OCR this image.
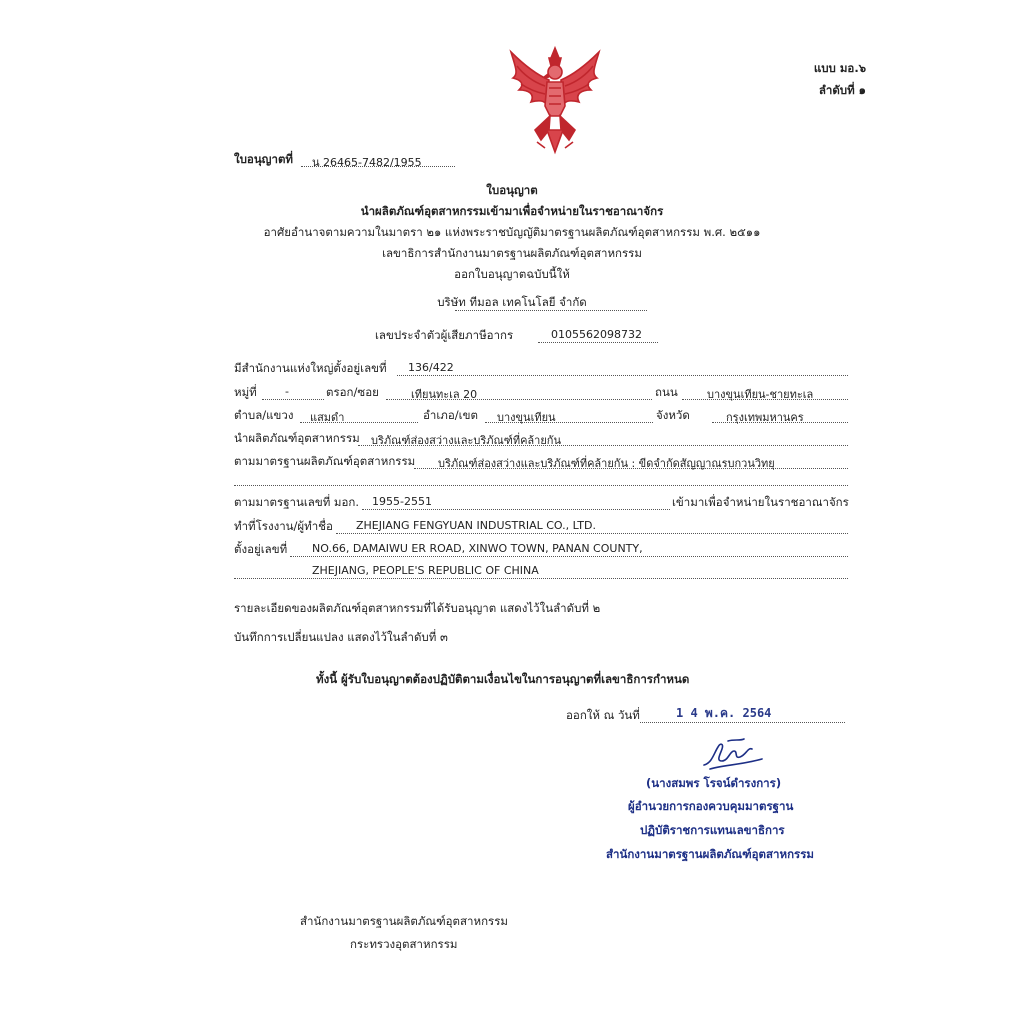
แบบ มอ.๖
ลำดับที่ ๑
ใบอนุญาตที่ น 26465-7482/1955
ใบอนุญาต
นำผลิตภัณฑ์อุตสาหกรรมเข้ามาเพื่อจำหน่ายในราชอาณาจักร
อาศัยอำนาจตามความในมาตรา ๒๑ แห่งพระราชบัญญัติมาตรฐานผลิตภัณฑ์อุตสาหกรรม พ.ศ. ๒๕๑๑
เลขาธิการสำนักงานมาตรฐานผลิตภัณฑ์อุตสาหกรรม
ออกใบอนุญาตฉบับนี้ให้
บริษัท ทีมอล เทคโนโลยี จำกัด
เลขประจำตัวผู้เสียภาษีอากร	0105562098732
มีสำนักงานแห่งใหญ่ตั้งอยู่เลขที่ 136/422
หมู่ที่	-	ตรอก/ซอย	เทียนทะเล 20	ถนน	บางขุนเทียน-ชายทะเล
ตำบล/แขวง แสมดำ	อำเภอ/เขต บางขุนเทียน	จังหวัด	กรุงเทพมหานคร
นำผลิตภัณฑ์อุตสาหกรรม บริภัณฑ์ส่องสว่างและบริภัณฑ์ที่คล้ายกัน
ตามมาตรฐานผลิตภัณฑ์อุตสาหกรรม บริภัณฑ์ส่องสว่างและบริภัณฑ์ที่คล้ายกัน : ขีดจำกัดสัญญาณรบกวนวิทยุ
ตามมาตรฐานเลขที่ มอก. 1955-2551	เข้ามาเพื่อจำหน่ายในราชอาณาจักร
ทำที่โรงงาน/ผู้ทำชื่อ ZHEJIANG FENGYUAN INDUSTRIAL CO., LTD.
ตั้งอยู่เลขที่ NO.66, DAMAIWU ER ROAD, XINWO TOWN, PANAN COUNTY,
ZHEJIANG, PEOPLE'S REPUBLIC OF CHINA
รายละเอียดของผลิตภัณฑ์อุตสาหกรรมที่ได้รับอนุญาต แสดงไว้ในลำดับที่ ๒
บันทึกการเปลี่ยนแปลง แสดงไว้ในลำดับที่ ๓
ทั้งนี้ ผู้รับใบอนุญาตต้องปฏิบัติตามเงื่อนไขในการอนุญาตที่เลขาธิการกำหนด
ออกให้ ณ วันที่	1 4 พ.ค. 2564
(นางสมพร โรจน์ดำรงการ)
ผู้อำนวยการกองควบคุมมาตรฐาน
ปฏิบัติราชการแทนเลขาธิการ
สำนักงานมาตรฐานผลิตภัณฑ์อุตสาหกรรม
สำนักงานมาตรฐานผลิตภัณฑ์อุตสาหกรรม
กระทรวงอุตสาหกรรม
